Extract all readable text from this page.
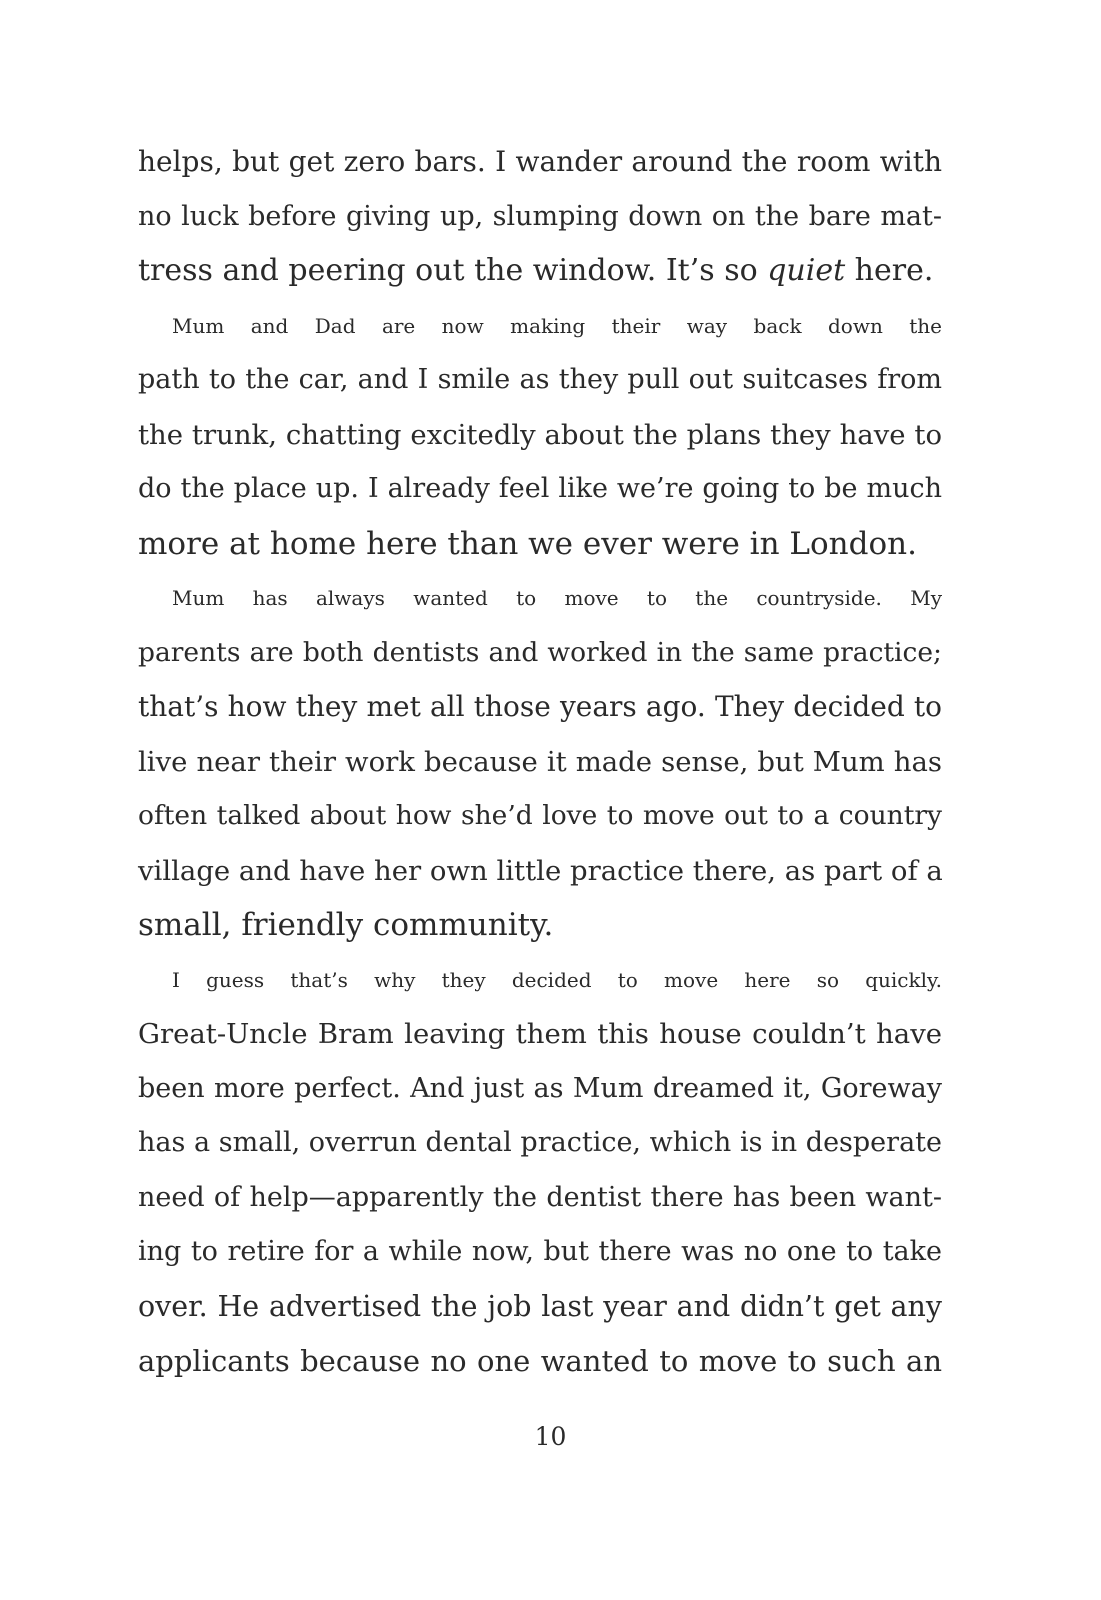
helps, but get zero bars. I wander around the room with
no luck before giving up, slumping down on the bare mat-
tress and peering out the window. It’s so quiet here.
Mum and Dad are now making their way back down the
path to the car, and I smile as they pull out suitcases from
the trunk, chatting excitedly about the plans they have to
do the place up. I already feel like we’re going to be much
more at home here than we ever were in London.
Mum has always wanted to move to the countryside. My
parents are both dentists and worked in the same practice;
that’s how they met all those years ago. They decided to
live near their work because it made sense, but Mum has
often talked about how she’d love to move out to a country
village and have her own little practice there, as part of a
small, friendly community.
I guess that’s why they decided to move here so quickly.
Great-Uncle Bram leaving them this house couldn’t have
been more perfect. And just as Mum dreamed it, Goreway
has a small, overrun dental practice, which is in desperate
need of help—apparently the dentist there has been want-
ing to retire for a while now, but there was no one to take
over. He advertised the job last year and didn’t get any
applicants because no one wanted to move to such an
10
